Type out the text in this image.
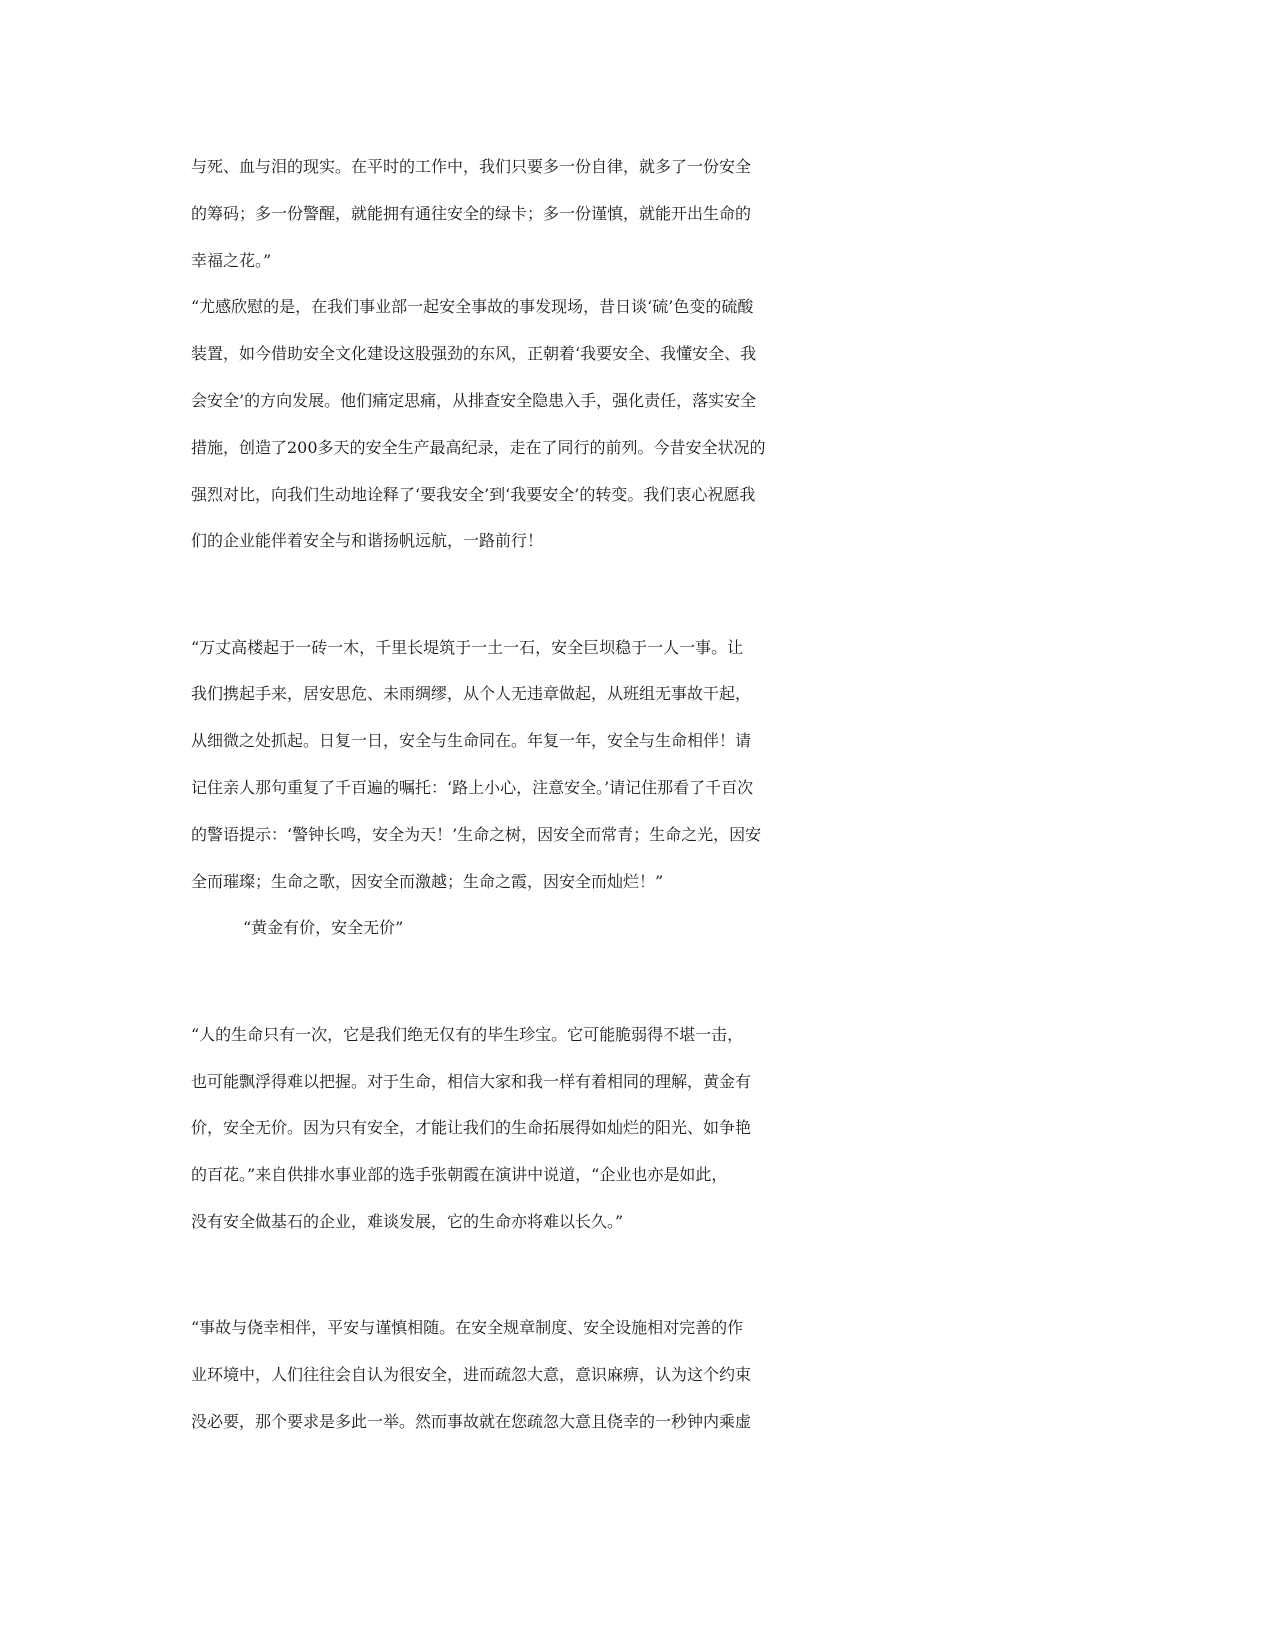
与死、血与泪的现实。在平时的工作中，我们只要多一份自律，就多了一份安全
的筹码；多一份警醒，就能拥有通往安全的绿卡；多一份谨慎，就能开出生命的
幸福之花。”
“尤感欣慰的是，在我们事业部一起安全事故的事发现场，昔日谈‘硫’色变的硫酸
装置，如今借助安全文化建设这股强劲的东风，正朝着‘我要安全、我懂安全、我
会安全’的方向发展。他们痛定思痛，从排查安全隐患入手，强化责任，落实安全
措施，创造了200多天的安全生产最高纪录，走在了同行的前列。今昔安全状况的
强烈对比，向我们生动地诠释了‘要我安全’到‘我要安全’的转变。我们衷心祝愿我
们的企业能伴着安全与和谐扬帆远航，一路前行！
“万丈高楼起于一砖一木，千里长堤筑于一土一石，安全巨坝稳于一人一事。让
我们携起手来，居安思危、未雨绸缪，从个人无违章做起，从班组无事故干起，
从细微之处抓起。日复一日，安全与生命同在。年复一年，安全与生命相伴！请
记住亲人那句重复了千百遍的嘱托：‘路上小心，注意安全。’请记住那看了千百次
的警语提示：‘警钟长鸣，安全为天！’生命之树，因安全而常青；生命之光，因安
全而璀璨；生命之歌，因安全而激越；生命之霞，因安全而灿烂！”
“黄金有价，安全无价”
“人的生命只有一次，它是我们绝无仅有的毕生珍宝。它可能脆弱得不堪一击，
也可能飘浮得难以把握。对于生命，相信大家和我一样有着相同的理解，黄金有
价，安全无价。因为只有安全，才能让我们的生命拓展得如灿烂的阳光、如争艳
的百花。”来自供排水事业部的选手张朝霞在演讲中说道，“企业也亦是如此，
没有安全做基石的企业，难谈发展，它的生命亦将难以长久。”
“事故与侥幸相伴，平安与谨慎相随。在安全规章制度、安全设施相对完善的作
业环境中，人们往往会自认为很安全，进而疏忽大意，意识麻痹，认为这个约束
没必要，那个要求是多此一举。然而事故就在您疏忽大意且侥幸的一秒钟内乘虚
